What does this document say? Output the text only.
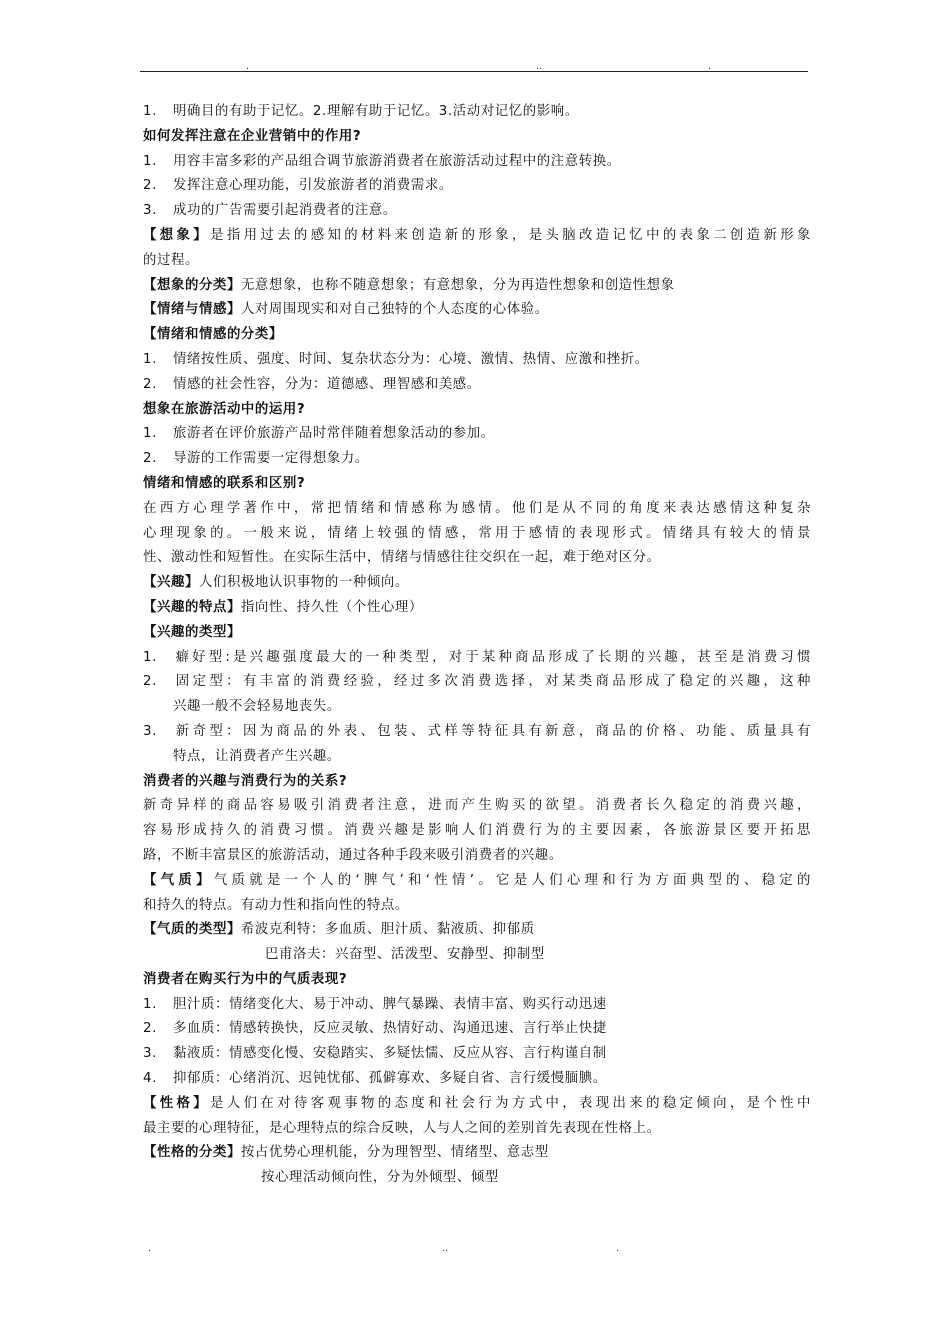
.	..	.
1. 明确目的有助于记忆。2.理解有助于记忆。3.活动对记忆的影响。
如何发挥注意在企业营销中的作用?
1. 用容丰富多彩的产品组合调节旅游消费者在旅游活动过程中的注意转换。
2. 发挥注意心理功能，引发旅游者的消费需求。
3. 成功的广告需要引起消费者的注意。
【想象】是指用过去的感知的材料来创造新的形象，是头脑改造记忆中的表象二创造新形象
的过程。
【想象的分类】无意想象，也称不随意想象；有意想象，分为再造性想象和创造性想象
【情绪与情感】人对周围现实和对自己独特的个人态度的心体验。
【情绪和情感的分类】
1. 情绪按性质、强度、时间、复杂状态分为：心境、激情、热情、应激和挫折。
2. 情感的社会性容，分为：道德感、理智感和美感。
想象在旅游活动中的运用?
1. 旅游者在评价旅游产品时常伴随着想象活动的参加。
2. 导游的工作需要一定得想象力。
情绪和情感的联系和区别?
在西方心理学著作中，常把情绪和情感称为感情。他们是从不同的角度来表达感情这种复杂
心理现象的。一般来说，情绪上较强的情感，常用于感情的表现形式。情绪具有较大的情景
性、激动性和短暂性。在实际生活中，情绪与情感往往交织在一起，难于绝对区分。
【兴趣】人们积极地认识事物的一种倾向。
【兴趣的特点】指向性、持久性（个性心理）
【兴趣的类型】
1. 癖好型:是兴趣强度最大的一种类型，对于某种商品形成了长期的兴趣，甚至是消费习惯
2. 固定型：有丰富的消费经验，经过多次消费选择，对某类商品形成了稳定的兴趣，这种
兴趣一般不会轻易地丧失。
3. 新奇型：因为商品的外表、包装、式样等特征具有新意，商品的价格、功能、质量具有
特点，让消费者产生兴趣。
消费者的兴趣与消费行为的关系?
新奇异样的商品容易吸引消费者注意，进而产生购买的欲望。消费者长久稳定的消费兴趣，
容易形成持久的消费习惯。消费兴趣是影响人们消费行为的主要因素，各旅游景区要开拓思
路，不断丰富景区的旅游活动，通过各种手段来吸引消费者的兴趣。
【气质】气质就是一个人的‘脾气’和‘性情’。它是人们心理和行为方面典型的、稳定的
和持久的特点。有动力性和指向性的特点。
【气质的类型】希波克利特：多血质、胆汁质、黏液质、抑郁质
巴甫洛夫：兴奋型、活泼型、安静型、抑制型
消费者在购买行为中的气质表现?
1. 胆汁质：情绪变化大、易于冲动、脾气暴躁、表情丰富、购买行动迅速
2. 多血质：情感转换快，反应灵敏、热情好动、沟通迅速、言行举止快捷
3. 黏液质：情感变化慢、安稳踏实、多疑怯懦、反应从容、言行构谨自制
4. 抑郁质：心绪消沉、迟钝忧郁、孤僻寡欢、多疑自省、言行缓慢腼腆。
【性格】是人们在对待客观事物的态度和社会行为方式中，表现出来的稳定倾向，是个性中
最主要的心理特征，是心理特点的综合反映，人与人之间的差别首先表现在性格上。
【性格的分类】按占优势心理机能，分为理智型、情绪型、意志型
按心理活动倾向性，分为外倾型、倾型
.	..	.
